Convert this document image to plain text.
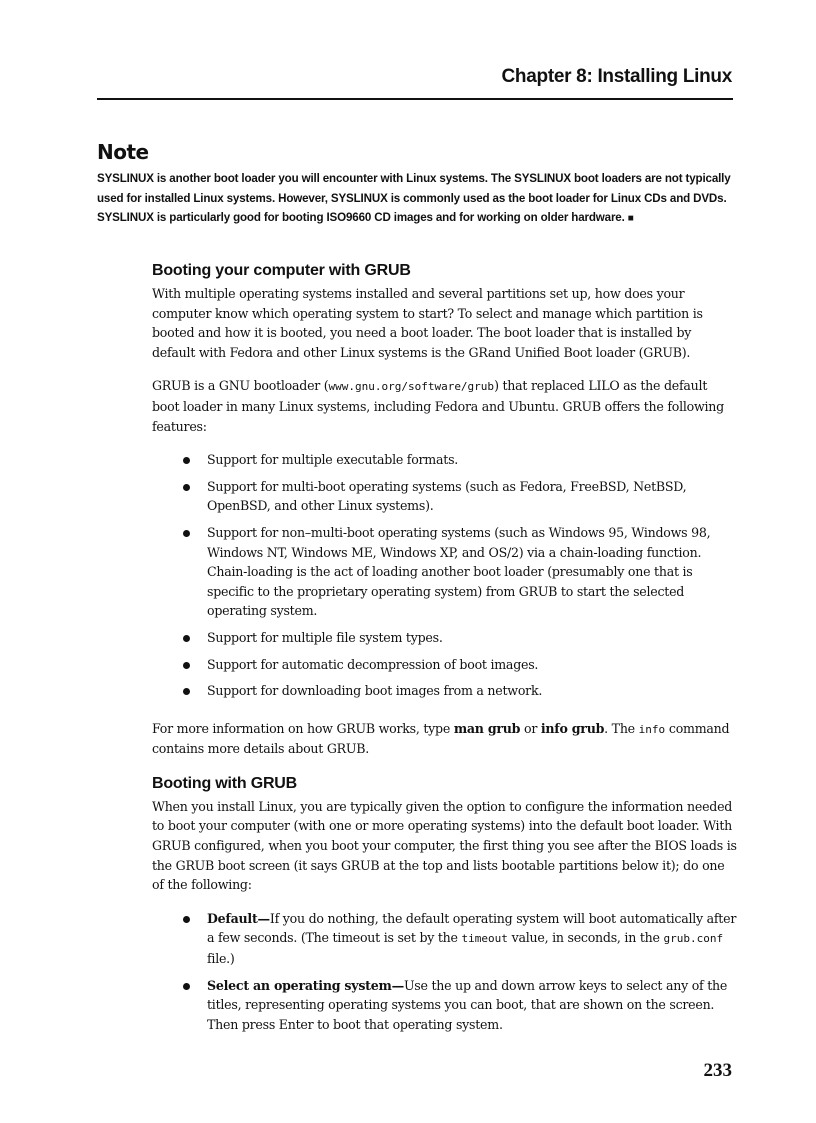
Chapter 8: Installing Linux
Note

SYSLINUX is another boot loader you will encounter with Linux systems. The SYSLINUX boot loaders are not typically used for installed Linux systems. However, SYSLINUX is commonly used as the boot loader for Linux CDs and DVDs. SYSLINUX is particularly good for booting ISO9660 CD images and for working on older hardware. ■

Booting your computer with GRUB

With multiple operating systems installed and several partitions set up, how does your computer know which operating system to start? To select and manage which partition is booted and how it is booted, you need a boot loader. The boot loader that is installed by default with Fedora and other Linux systems is the GRand Unified Boot loader (GRUB).

GRUB is a GNU bootloader (www.gnu.org/software/grub) that replaced LILO as the default boot loader in many Linux systems, including Fedora and Ubuntu. GRUB offers the following features:

Support for multiple executable formats.
Support for multi-boot operating systems (such as Fedora, FreeBSD, NetBSD, OpenBSD, and other Linux systems).
Support for non–multi-boot operating systems (such as Windows 95, Windows 98, Windows NT, Windows ME, Windows XP, and OS/2) via a chain-loading function. Chain-loading is the act of loading another boot loader (presumably one that is specific to the proprietary operating system) from GRUB to start the selected operating system.
Support for multiple file system types.
Support for automatic decompression of boot images.
Support for downloading boot images from a network.

For more information on how GRUB works, type man grub or info grub. The info command contains more details about GRUB.

Booting with GRUB

When you install Linux, you are typically given the option to configure the information needed to boot your computer (with one or more operating systems) into the default boot loader. With GRUB configured, when you boot your computer, the first thing you see after the BIOS loads is the GRUB boot screen (it says GRUB at the top and lists bootable partitions below it); do one of the following:

Default—If you do nothing, the default operating system will boot automatically after a few seconds. (The timeout is set by the timeout value, in seconds, in the grub.conf file.)
Select an operating system—Use the up and down arrow keys to select any of the titles, representing operating systems you can boot, that are shown on the screen. Then press Enter to boot that operating system.
233
